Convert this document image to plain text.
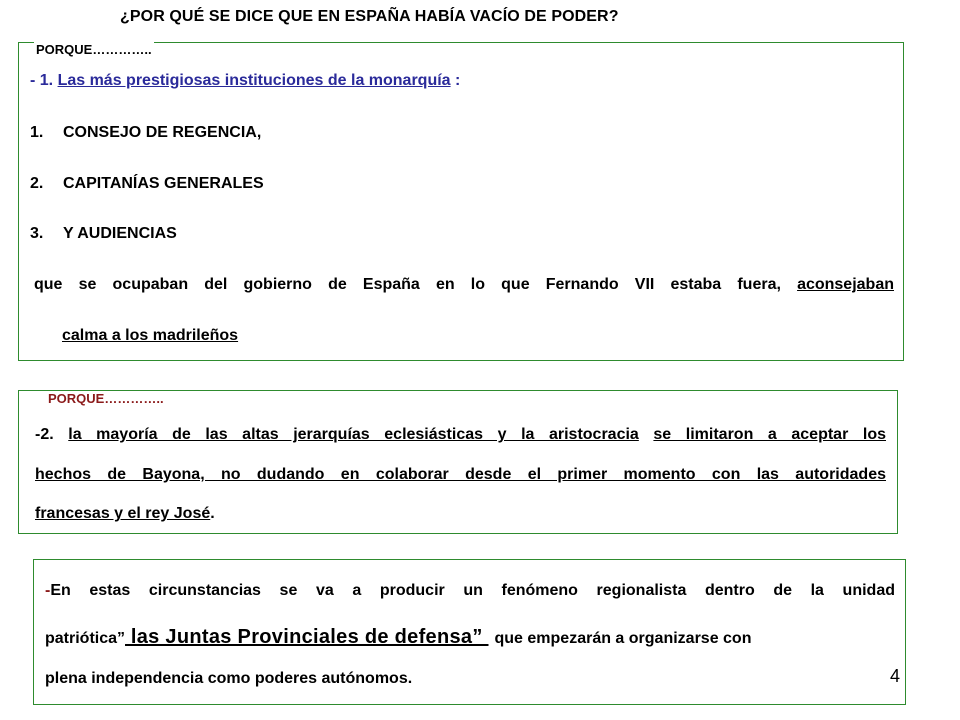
¿POR QUÉ SE DICE QUE EN ESPAÑA HABÍA VACÍO DE PODER?
PORQUE…………..
- 1. Las más prestigiosas instituciones de la monarquía :
1. CONSEJO DE REGENCIA,
2. CAPITANÍAS GENERALES
3. Y AUDIENCIAS
que se ocupaban del gobierno de España en lo que Fernando VII estaba fuera, aconsejaban
calma a los madrileños
PORQUE…………..
-2. la mayoría de las altas jerarquías eclesiásticas y la aristocracia se limitaron a aceptar los
hechos de Bayona, no dudando en colaborar desde el primer momento con las autoridades
francesas y el rey José.
-En estas circunstancias se va a producir un fenómeno regionalista dentro de la unidad
patriótica” las Juntas Provinciales de defensa” que empezarán a organizarse con
plena independencia como poderes autónomos.	4
